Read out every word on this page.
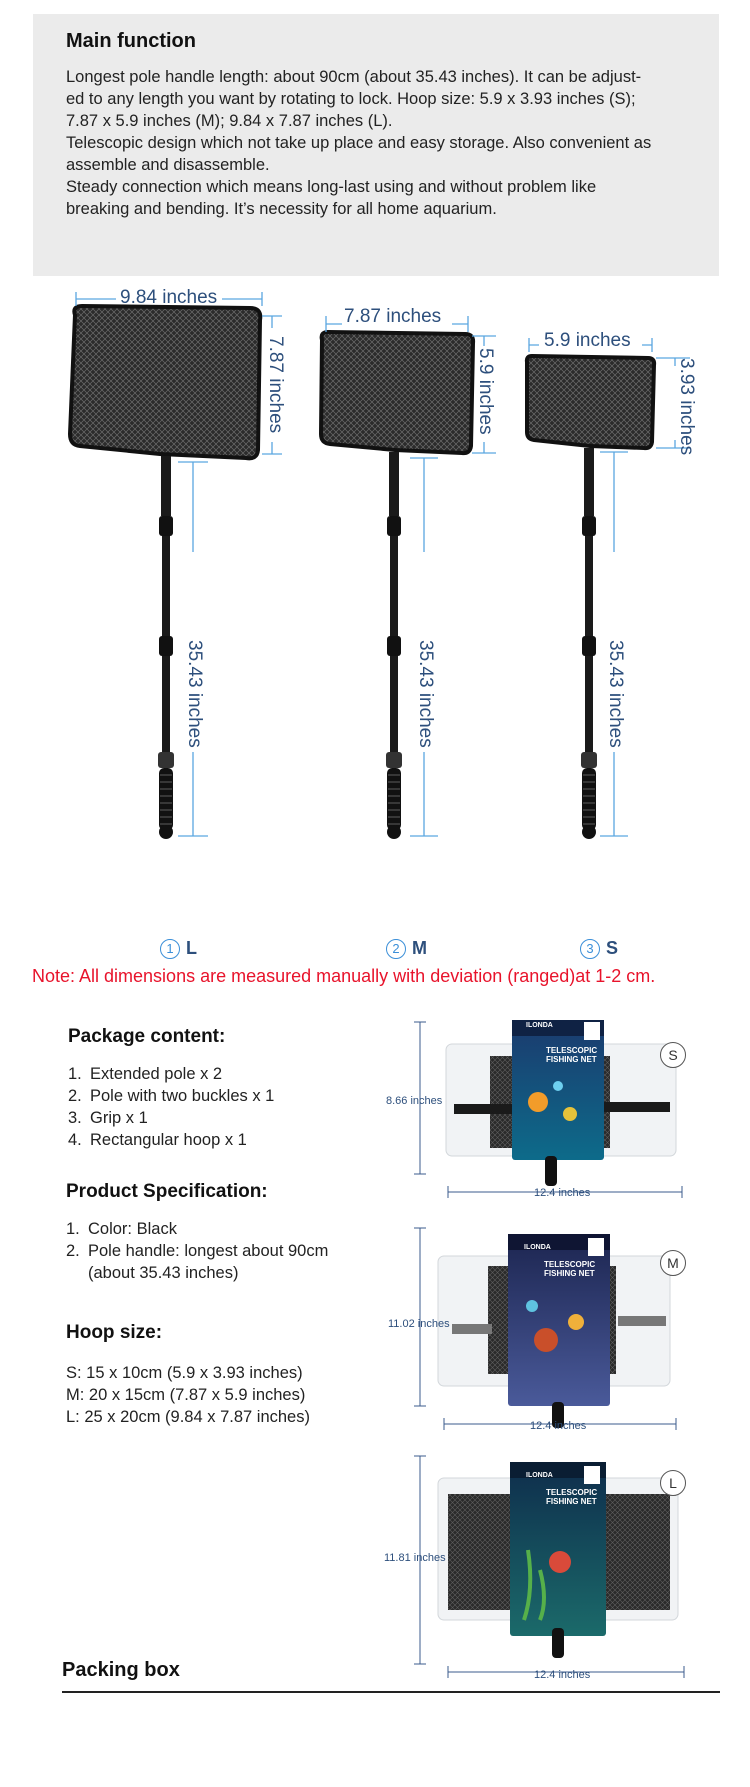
Main function
Longest pole handle length: about 90cm (about 35.43 inches). It can be adjust-
ed to any length you want by rotating to lock. Hoop size: 5.9 x 3.93 inches (S);
7.87 x 5.9 inches (M); 9.84 x 7.87 inches (L).
Telescopic design which not take up place and easy storage. Also convenient as
assemble and disassemble.
Steady connection which means long-last using and without problem like
breaking and bending. It’s necessity for all home aquarium.
9.84 inches
7.87 inches
35.43 inches
7.87 inches
5.9 inches
35.43 inches
5.9 inches
3.93 inches
35.43 inches
1 L	2 M	3 S
Note: All dimensions are measured manually with deviation (ranged)at 1-2 cm.
Package content:
1. Extended pole x 2
2. Pole with two buckles x 1
3. Grip x 1
4. Rectangular hoop x 1
Product Specification:
1. Color: Black
2. Pole handle: longest about 90cm
(about 35.43 inches)
Hoop size:
S: 15 x 10cm (5.9 x 3.93 inches)
M: 20 x 15cm (7.87 x 5.9 inches)
L: 25 x 20cm (9.84 x 7.87 inches)
ILONDA
TELESCOPIC FISHING NET
ILONDA
TELESCOPIC FISHING NET
ILONDA
TELESCOPIC FISHING NET
8.66 inches
12.4 inches
S
11.02 inches
12.4 inches
M
11.81 inches
12.4 inches
L
Packing box
